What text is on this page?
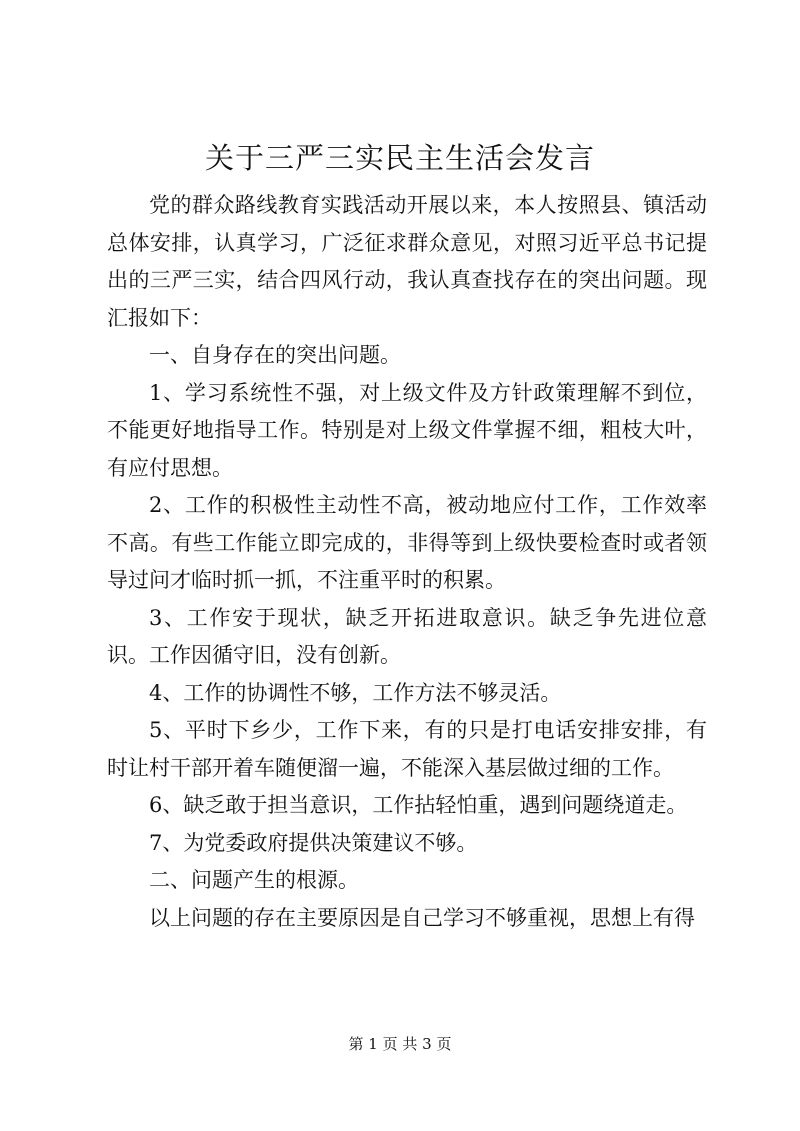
关于三严三实民主生活会发言

党的群众路线教育实践活动开展以来，本人按照县、镇活动总体安排，认真学习，广泛征求群众意见，对照习近平总书记提出的三严三实，结合四风行动，我认真查找存在的突出问题。现汇报如下：

一、自身存在的突出问题。

1、学习系统性不强，对上级文件及方针政策理解不到位，不能更好地指导工作。特别是对上级文件掌握不细，粗枝大叶，有应付思想。

2、工作的积极性主动性不高，被动地应付工作，工作效率不高。有些工作能立即完成的，非得等到上级快要检查时或者领导过问才临时抓一抓，不注重平时的积累。

3、工作安于现状，缺乏开拓进取意识。缺乏争先进位意识。工作因循守旧，没有创新。

4、工作的协调性不够，工作方法不够灵活。

5、平时下乡少，工作下来，有的只是打电话安排安排，有时让村干部开着车随便溜一遍，不能深入基层做过细的工作。

6、缺乏敢于担当意识，工作拈轻怕重，遇到问题绕道走。

7、为党委政府提供决策建议不够。

二、问题产生的根源。

以上问题的存在主要原因是自己学习不够重视，思想上有得

第 1 页 共 3 页
